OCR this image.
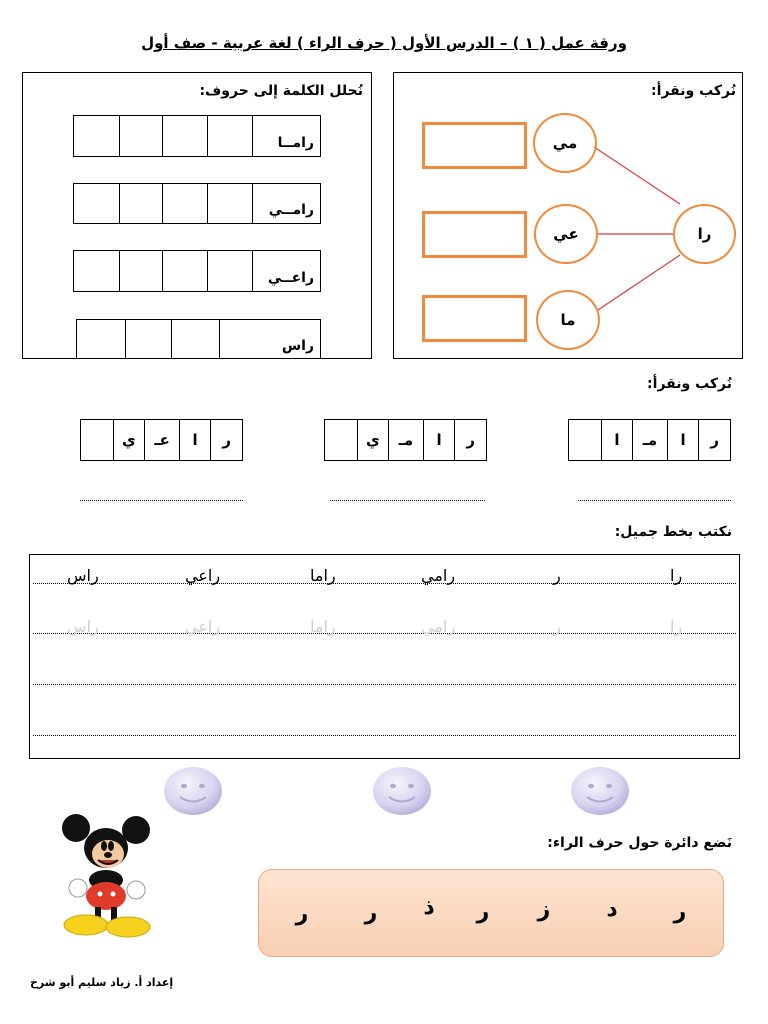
ورقة عمل ( ١ ) – الدرس الأول ( حرف الراء ) لغة عربية - صف أول
نُحلل الكلمة إلى حروف:
رامــا
رامــي
راعــي
راس
نُركب ونقرأ:
مي
عي
ما
را
نُركب ونقرأ:
ر
ا
مـ
ا
ر
ا
مـ
ي
ر
ا
عـ
ي
نكتب بخط جميل:
را
ر
رامي
راما
راعي
راس
را
ر
رامي
راما
راعي
راس
نَضع دائرة حول حرف الراء:
ر
د
ز
ر
ذ
ر
ر
إعداد أ. زياد سليم أبو شرخ
